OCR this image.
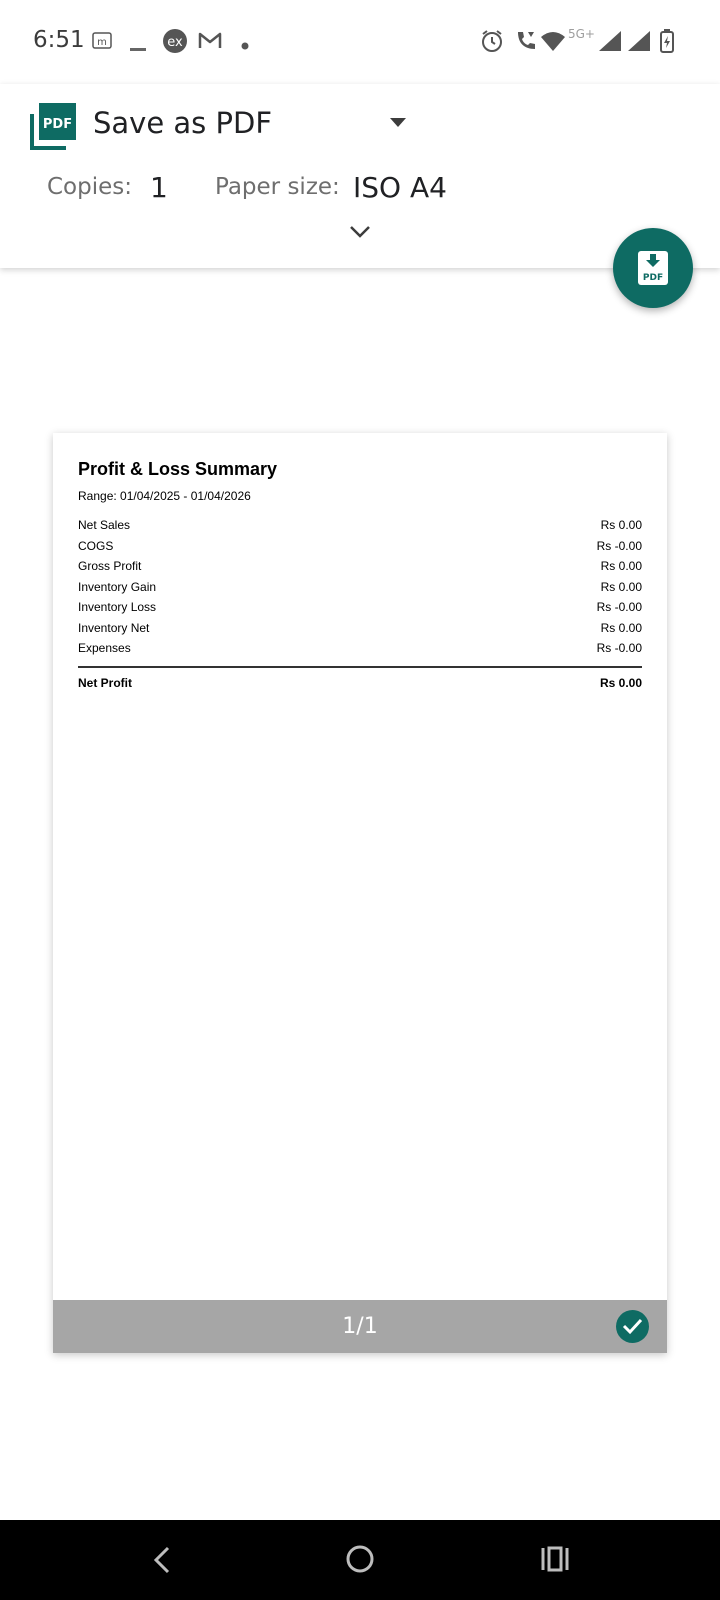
6:51 m	ex
5G+
PDF Save as PDF
Copies: 1 Paper size: ISO A4
PDF
Profit & Loss Summary
Range: 01/04/2025 - 01/04/2026
Net Sales	Rs 0.00
COGS	Rs -0.00
Gross Profit	Rs 0.00
Inventory Gain	Rs 0.00
Inventory Loss	Rs -0.00
Inventory Net	Rs 0.00
Expenses	Rs -0.00
Net Profit	Rs 0.00
1/1
